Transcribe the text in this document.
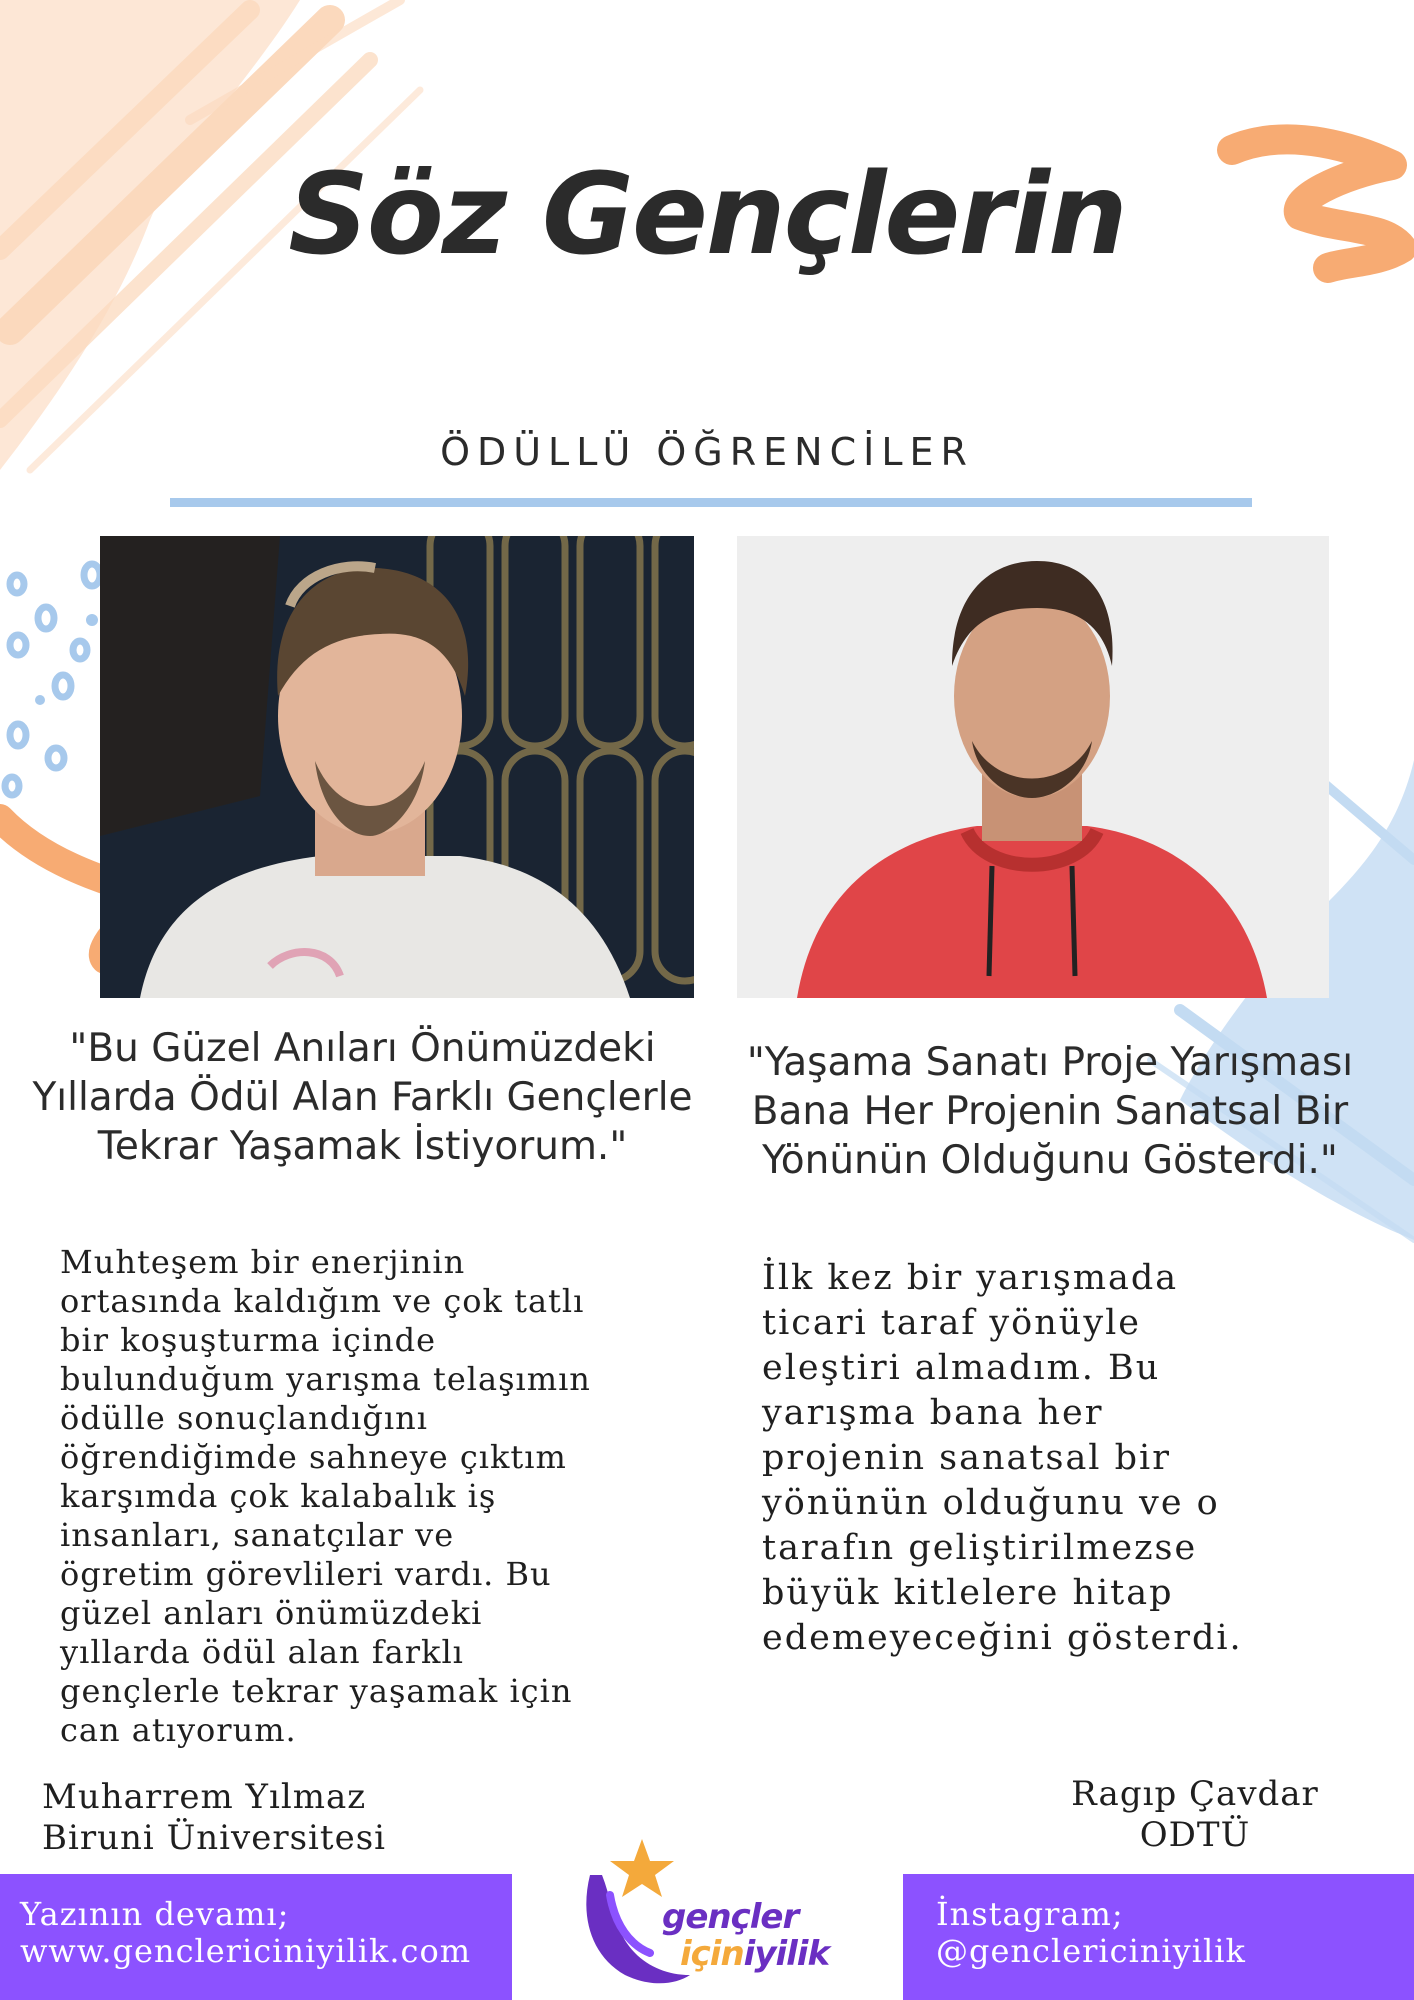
Söz Gençlerin
ÖDÜLLÜ ÖĞRENCİLER
"Bu Güzel Anıları Önümüzdeki Yıllarda Ödül Alan Farklı Gençlerle Tekrar Yaşamak İstiyorum."
"Yaşama Sanatı Proje Yarışması Bana Her Projenin Sanatsal Bir Yönünün Olduğunu Gösterdi."
Muhteşem bir enerjinin
ortasında kaldığım ve çok tatlı
bir koşuşturma içinde
bulunduğum yarışma telaşımın
ödülle sonuçlandığını
öğrendiğimde sahneye çıktım
karşımda çok kalabalık iş
insanları, sanatçılar ve
ögretim görevlileri vardı. Bu
güzel anları önümüzdeki
yıllarda ödül alan farklı
gençlerle tekrar yaşamak için
can atıyorum.
İlk kez bir yarışmada
ticari taraf yönüyle
eleştiri almadım. Bu
yarışma bana her
projenin sanatsal bir
yönünün olduğunu ve o
tarafın geliştirilmezse
büyük kitlelere hitap
edemeyeceğini gösterdi.
Muharrem Yılmaz
Biruni Üniversitesi
Ragıp Çavdar
ODTÜ
Yazının devamı;
www.genclericiniyilik.com
İnstagram;
@genclericiniyilik
gençler
içiniyilik
